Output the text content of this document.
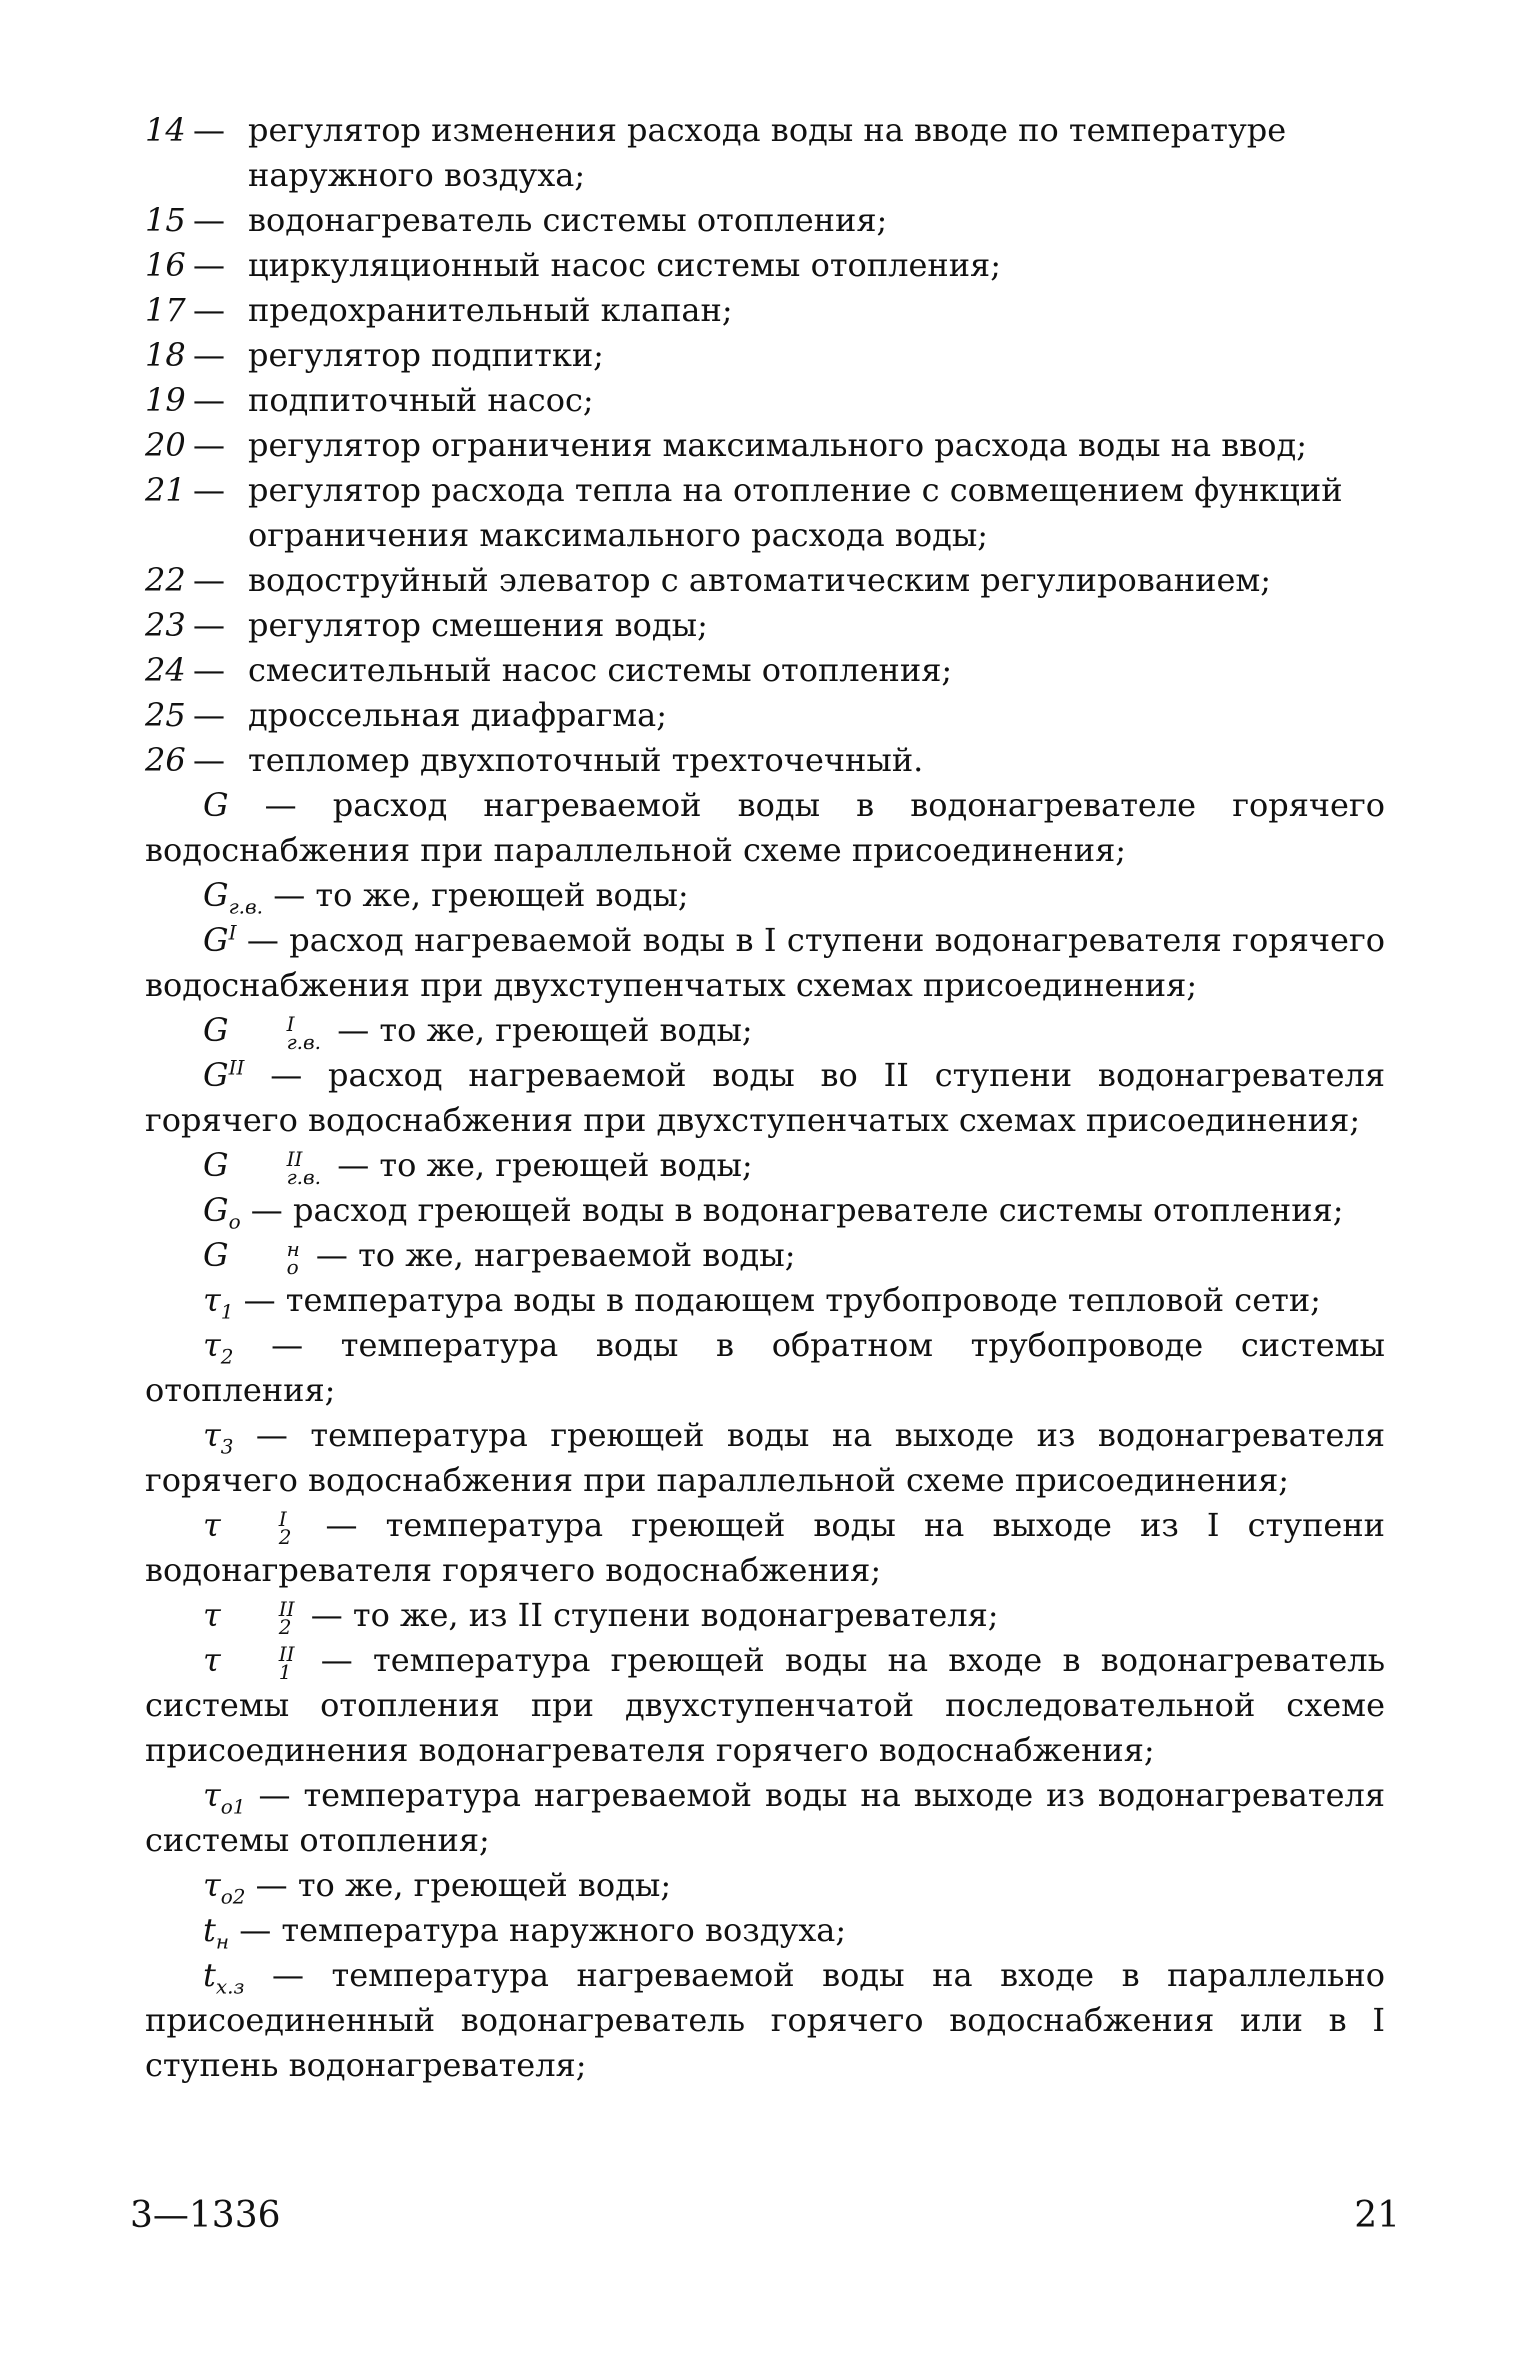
14 — регулятор изменения расхода воды на вводе по температуре наружного воздуха;

15 — водонагреватель системы отопления;

16 — циркуляционный насос системы отопления;

17 — предохранительный клапан;

18 — регулятор подпитки;

19 — подпиточный насос;

20 — регулятор ограничения максимального расхода воды на ввод;

21 — регулятор расхода тепла на отопление с совмещением функций ограничения максимального расхода воды;

22 — водоструйный элеватор с автоматическим регулированием;

23 — регулятор смешения воды;

24 — смесительный насос системы отопления;

25 — дроссельная диафрагма;

26 — тепломер двухпоточный трехточечный.

G — расход нагреваемой воды в водонагревателе горячего водоснабжения при параллельной схеме присоединения;

$G_{г.в.}$ — то же, греющей воды;

$G^I$ — расход нагреваемой воды в I ступени водонагревателя горячего водоснабжения при двухступенчатых схемах присоединения;

G	I
г.в. — то же, греющей воды;

$G^{II}$ — расход нагреваемой воды во II ступени водонагревателя горячего водоснабжения при двухступенчатых схемах присоединения;

G	II
г.в. — то же, греющей воды;

$G_o$ — расход греющей воды в водонагревателе системы отопления;

G	н
o — то же, нагреваемой воды;

$\tau_1$ — температура воды в подающем трубопроводе тепловой сети;

$\tau_2$ — температура воды в обратном трубопроводе системы отопления;

$\tau_3$ — температура греющей воды на выходе из водонагревателя горячего водоснабжения при параллельной схеме присоединения;

τ	I
2 — температура греющей воды на выходе из I ступени водонагревателя горячего водоснабжения;

τ	II
2 — то же, из II ступени водонагревателя;

τ	II
1 — температура греющей воды на входе в водонагреватель системы отопления при двухступенчатой последовательной схеме присоединения водонагревателя горячего водоснабжения;

$\tau_{o1}$ — температура нагреваемой воды на выходе из водонагревателя системы отопления;

$\tau_{o2}$ — то же, греющей воды;

$t_н$ — температура наружного воздуха;

$t_{х.з}$ — температура нагреваемой воды на входе в параллельно присоединенный водонагреватель горячего водоснабжения или в I ступень водонагревателя;

3—1336	21
